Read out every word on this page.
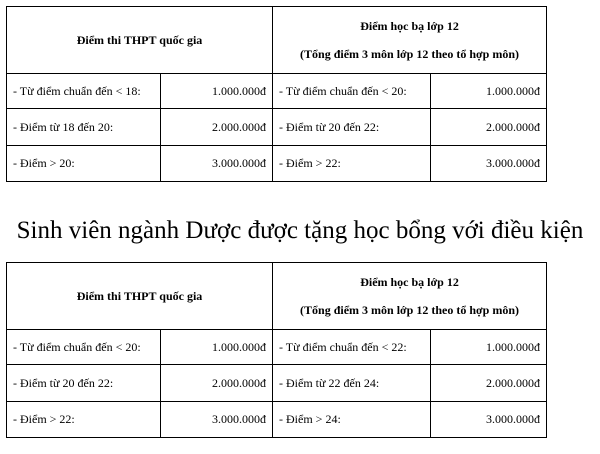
Điểm thi THPT quốc gia		Điểm học bạ lớp 12
(Tổng điểm 3 môn lớp 12 theo tổ hợp môn)	

- Từ điểm chuẩn đến < 18:	1.000.000đ	- Từ điểm chuẩn đến < 20:	1.000.000đ
- Điểm từ 18 đến 20:	2.000.000đ	- Điểm từ 20 đến 22:	2.000.000đ
- Điểm > 20:	3.000.000đ	- Điểm > 22:	3.000.000đ
Sinh viên ngành Dược được tặng học bổng với điều kiện
Điểm thi THPT quốc gia		Điểm học bạ lớp 12
(Tổng điểm 3 môn lớp 12 theo tổ hợp môn)	

- Từ điểm chuẩn đến < 20:	1.000.000đ	- Từ điểm chuẩn đến < 22:	1.000.000đ
- Điểm từ 20 đến 22:	2.000.000đ	- Điểm từ 22 đến 24:	2.000.000đ
- Điểm > 22:	3.000.000đ	- Điểm > 24:	3.000.000đ
